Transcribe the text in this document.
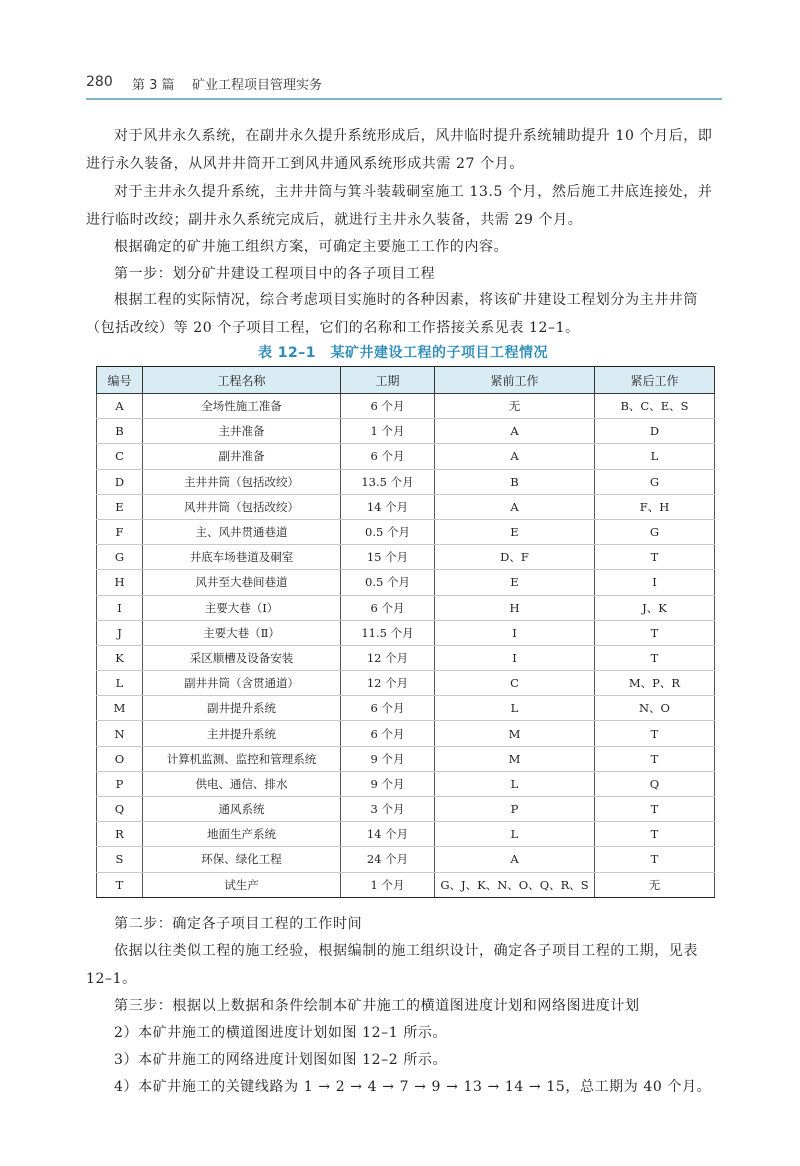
280 第 3 篇 矿业工程项目管理实务
对于风井永久系统，在副井永久提升系统形成后，风井临时提升系统辅助提升 10 个月后，即进行永久装备，从风井井筒开工到风井通风系统形成共需 27 个月。
对于主井永久提升系统，主井井筒与箕斗装载硐室施工 13.5 个月，然后施工井底连接处，并进行临时改绞；副井永久系统完成后，就进行主井永久装备，共需 29 个月。
根据确定的矿井施工组织方案，可确定主要施工工作的内容。
第一步：划分矿井建设工程项目中的各子项目工程
根据工程的实际情况，综合考虑项目实施时的各种因素，将该矿井建设工程划分为主井井筒（包括改绞）等 20 个子项目工程，它们的名称和工作搭接关系见表 12–1。
表 12–1　某矿井建设工程的子项目工程情况
编号	工程名称	工期	紧前工作	紧后工作
A	全场性施工准备	6 个月	无	B、C、E、S
B	主井准备	1 个月	A	D
C	副井准备	6 个月	A	L
D	主井井筒（包括改绞）	13.5 个月	B	G
E	风井井筒（包括改绞）	14 个月	A	F、H
F	主、风井贯通巷道	0.5 个月	E	G
G	井底车场巷道及硐室	15 个月	D、F	T
H	风井至大巷间巷道	0.5 个月	E	I
I	主要大巷（Ⅰ）	6 个月	H	J、K
J	主要大巷（Ⅱ）	11.5 个月	I	T
K	采区顺槽及设备安装	12 个月	I	T
L	副井井筒（含贯通道）	12 个月	C	M、P、R
M	副井提升系统	6 个月	L	N、O
N	主井提升系统	6 个月	M	T
O	计算机监测、监控和管理系统	9 个月	M	T
P	供电、通信、排水	9 个月	L	Q
Q	通风系统	3 个月	P	T
R	地面生产系统	14 个月	L	T
S	环保、绿化工程	24 个月	A	T
T	试生产	1 个月	G、J、K、N、O、Q、R、S	无
第二步：确定各子项目工程的工作时间
依据以往类似工程的施工经验，根据编制的施工组织设计，确定各子项目工程的工期，见表 12–1。
第三步：根据以上数据和条件绘制本矿井施工的横道图进度计划和网络图进度计划
2）本矿井施工的横道图进度计划如图 12–1 所示。
3）本矿井施工的网络进度计划图如图 12–2 所示。
4）本矿井施工的关键线路为 1 → 2 → 4 → 7 → 9 → 13 → 14 → 15，总工期为 40 个月。
